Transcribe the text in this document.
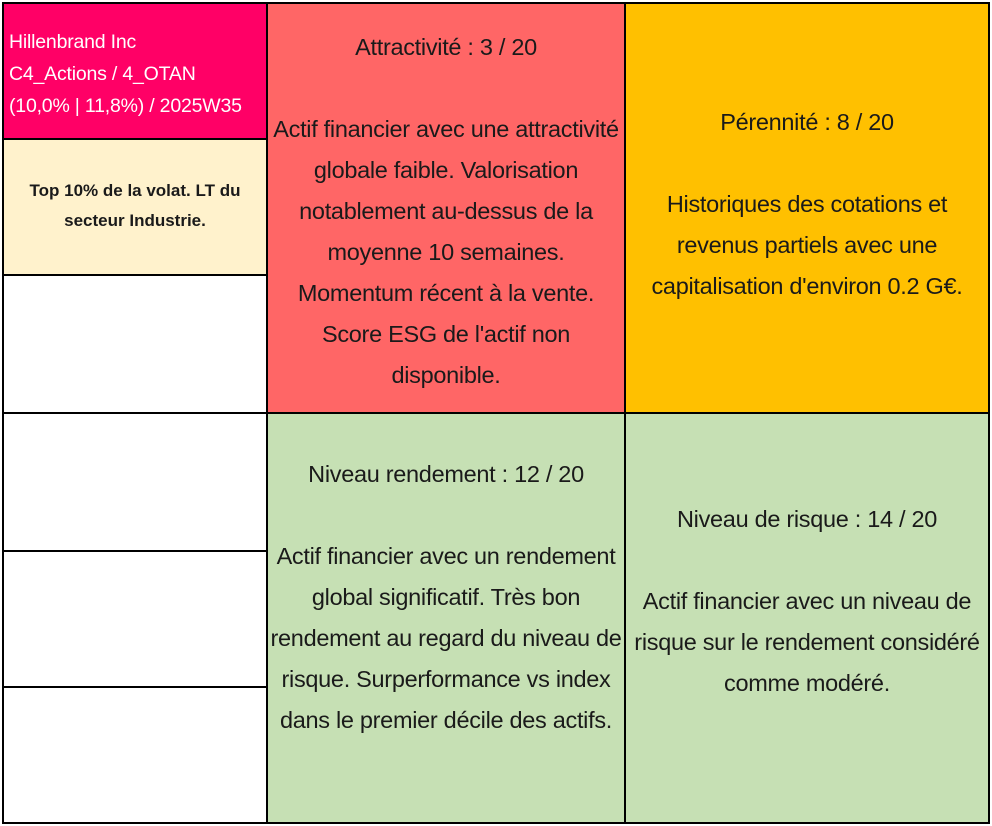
Hillenbrand Inc
C4_Actions / 4_OTAN
(10,0% | 11,8%) / 2025W35
Top 10% de la volat. LT du secteur Industrie.
Attractivité : 3 / 20
Actif financier avec une attractivité globale faible. Valorisation notablement au-dessus de la moyenne 10 semaines. Momentum récent à la vente. Score ESG de l'actif non disponible.
Pérennité : 8 / 20
Historiques des cotations et revenus partiels avec une capitalisation d'environ 0.2 G€.
Niveau rendement : 12 / 20
Actif financier avec un rendement global significatif. Très bon rendement au regard du niveau de risque. Surperformance vs index dans le premier décile des actifs.
Niveau de risque : 14 / 20
Actif financier avec un niveau de risque sur le rendement considéré comme modéré.
